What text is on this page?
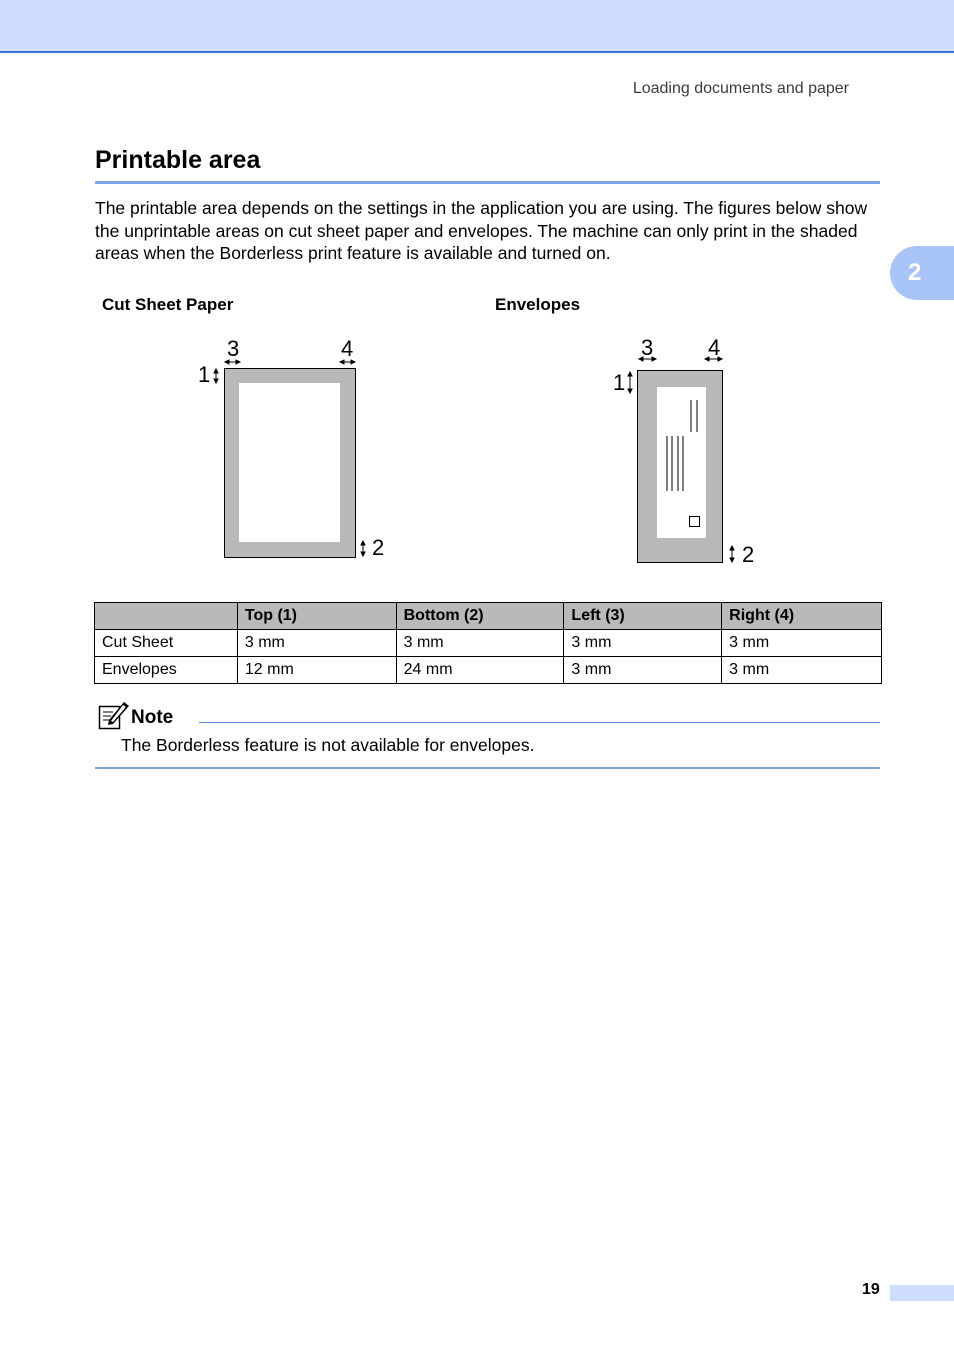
Loading documents and paper
2
Printable area

The printable area depends on the settings in the application you are using. The figures below show the unprintable areas on cut sheet paper and envelopes. The machine can only print in the shaded areas when the Borderless print feature is available and turned on.

Cut Sheet Paper	Envelopes
1
2
3	4
1
2
3 4
	Top (1)	Bottom (2)	Left (3)	Right (4)
Cut Sheet	3 mm	3 mm	3 mm	3 mm
Envelopes	12 mm	24 mm	3 mm	3 mm
Note
The Borderless feature is not available for envelopes.
19
